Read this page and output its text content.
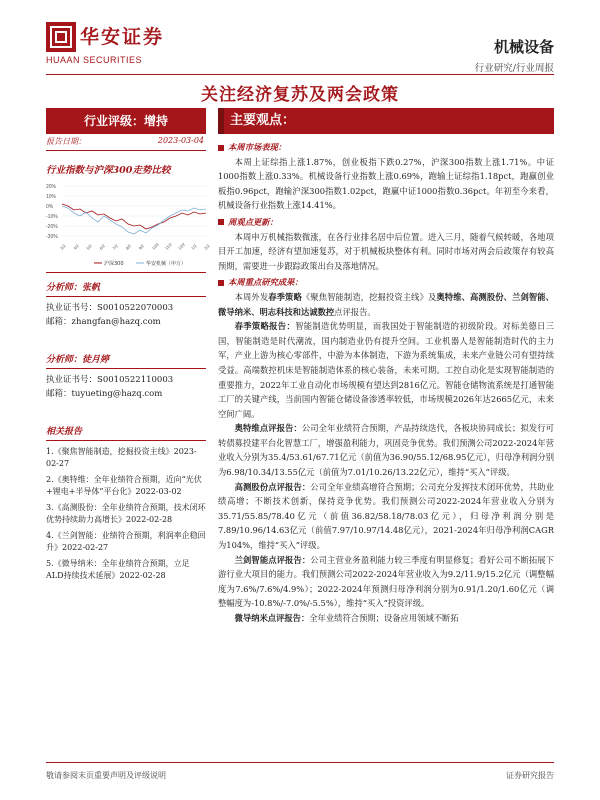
华安证券
HUAAN SECURITIES
机械设备
行业研究/行业周报
关注经济复苏及两会政策
行业评级：增持
报告日期：	2023-03-04
行业指数与沪深300走势比较
20%
10%
0%
-10%
-20%
-30%
3/2 4/2 5/2 6/2 7/2 8/2 9/2 10/2 11/2 12/2 1/2 2/2
沪深300	华安机械（申万）
分析师：张帆
执业证书号：S0010522070003
邮箱：zhangfan@hazq.com
分析师：徒月婷
执业证书号：S0010522110003
邮箱：tuyueting@hazq.com
相关报告
1.《聚焦智能制造，挖掘投资主线》2023-02-27
2.《奥特维：全年业绩符合预期，近向“光伏+锂电+半导体”平台化》2022-03-02
3.《高测股份：全年业绩符合预期，技术闭环优势持续助力高增长》2022-02-28
4.《兰剑智能：业绩符合预期，利润率企稳回升》2022-02-27
5.《微导纳米：全年业绩符合预期，立足ALD持续技术延展》2022-02-28
主要观点：
本周市场表现：
本周上证综指上涨1.87%，创业板指下跌0.27%，沪深300指数上涨1.71%。中证1000指数上涨0.33%。机械设备行业指数上涨0.69%，跑输上证综指1.18pct，跑赢创业板指0.96pct，跑输沪深300指数1.02pct，跑赢中证1000指数0.36pct。年初至今来看，机械设备行业指数上涨14.41%。
周观点更新：
本周申万机械指数微涨，在各行业排名居中后位置。进入三月，随着气候转暖，各地项目开工加速，经济有望加速复苏，对于机械板块整体有利。同时市场对两会后政策存有较高预期，需要进一步跟踪政策出台及落地情况。
本周重点研究成果：
本周外发春季策略《聚焦智能制造，挖掘投资主线》及奥特维、高测股份、兰剑智能、微导纳米、明志科技和达诚数控点评报告。
春季策略报告：智能制造优势明显，而我国处于智能制造的初级阶段。对标美德日三国，智能制造是时代潮流，国内制造业仍有提升空间。工业机器人是智能制造时代的主力军，产业上游为核心零部件，中游为本体制造，下游为系统集成，未来产业链公司有望持续受益。高端数控机床是智能制造体系的核心装备，未来可期。工控自动化是实现智能制造的重要推力，2022年工业自动化市场规模有望达到2816亿元。智能仓储物流系统是打通智能工厂的关键产线，当前国内智能仓储设备渗透率较低，市场规模2026年达2665亿元，未来空间广阔。
奥特维点评报告：公司全年业绩符合预期，产品持续迭代，各板块协同成长；拟发行可转债募投建平台化智慧工厂，增强盈利能力，巩固竞争优势。我们预测公司2022-2024年营业收入分别为35.4/53.61/67.71亿元（前值为36.90/55.12/68.95亿元），归母净利润分别为6.98/10.34/13.55亿元（前值为7.01/10.26/13.22亿元），维持“买入”评级。
高测股份点评报告：公司全年业绩高增符合预期；公司充分发挥技术闭环优势，共助业绩高增；不断技术创新，保持竞争优势。我们预测公司2022-2024年营业收入分别为35.71/55.85/78.40亿元（前值36.82/58.18/78.03亿元），归母净利润分别是7.89/10.96/14.63亿元（前值7.97/10.97/14.48亿元），2021-2024年归母净利润CAGR为104%，维持“买入”评级。
兰剑智能点评报告：公司主营业务盈利能力较三季度有明显修复；看好公司不断拓展下游行业大项目的能力。我们预测公司2022-2024年营业收入为9.2/11.9/15.2亿元（调整幅度为7.6%/7.6%/4.9%）；2022-2024年预测归母净利润分别为0.91/1.20/1.60亿元（调整幅度为-10.8%/-7.0%/-5.5%），维持“买入”投资评级。
微导纳米点评报告：全年业绩符合预期；设备应用领域不断拓
敬请参阅末页重要声明及评级说明	证券研究报告
